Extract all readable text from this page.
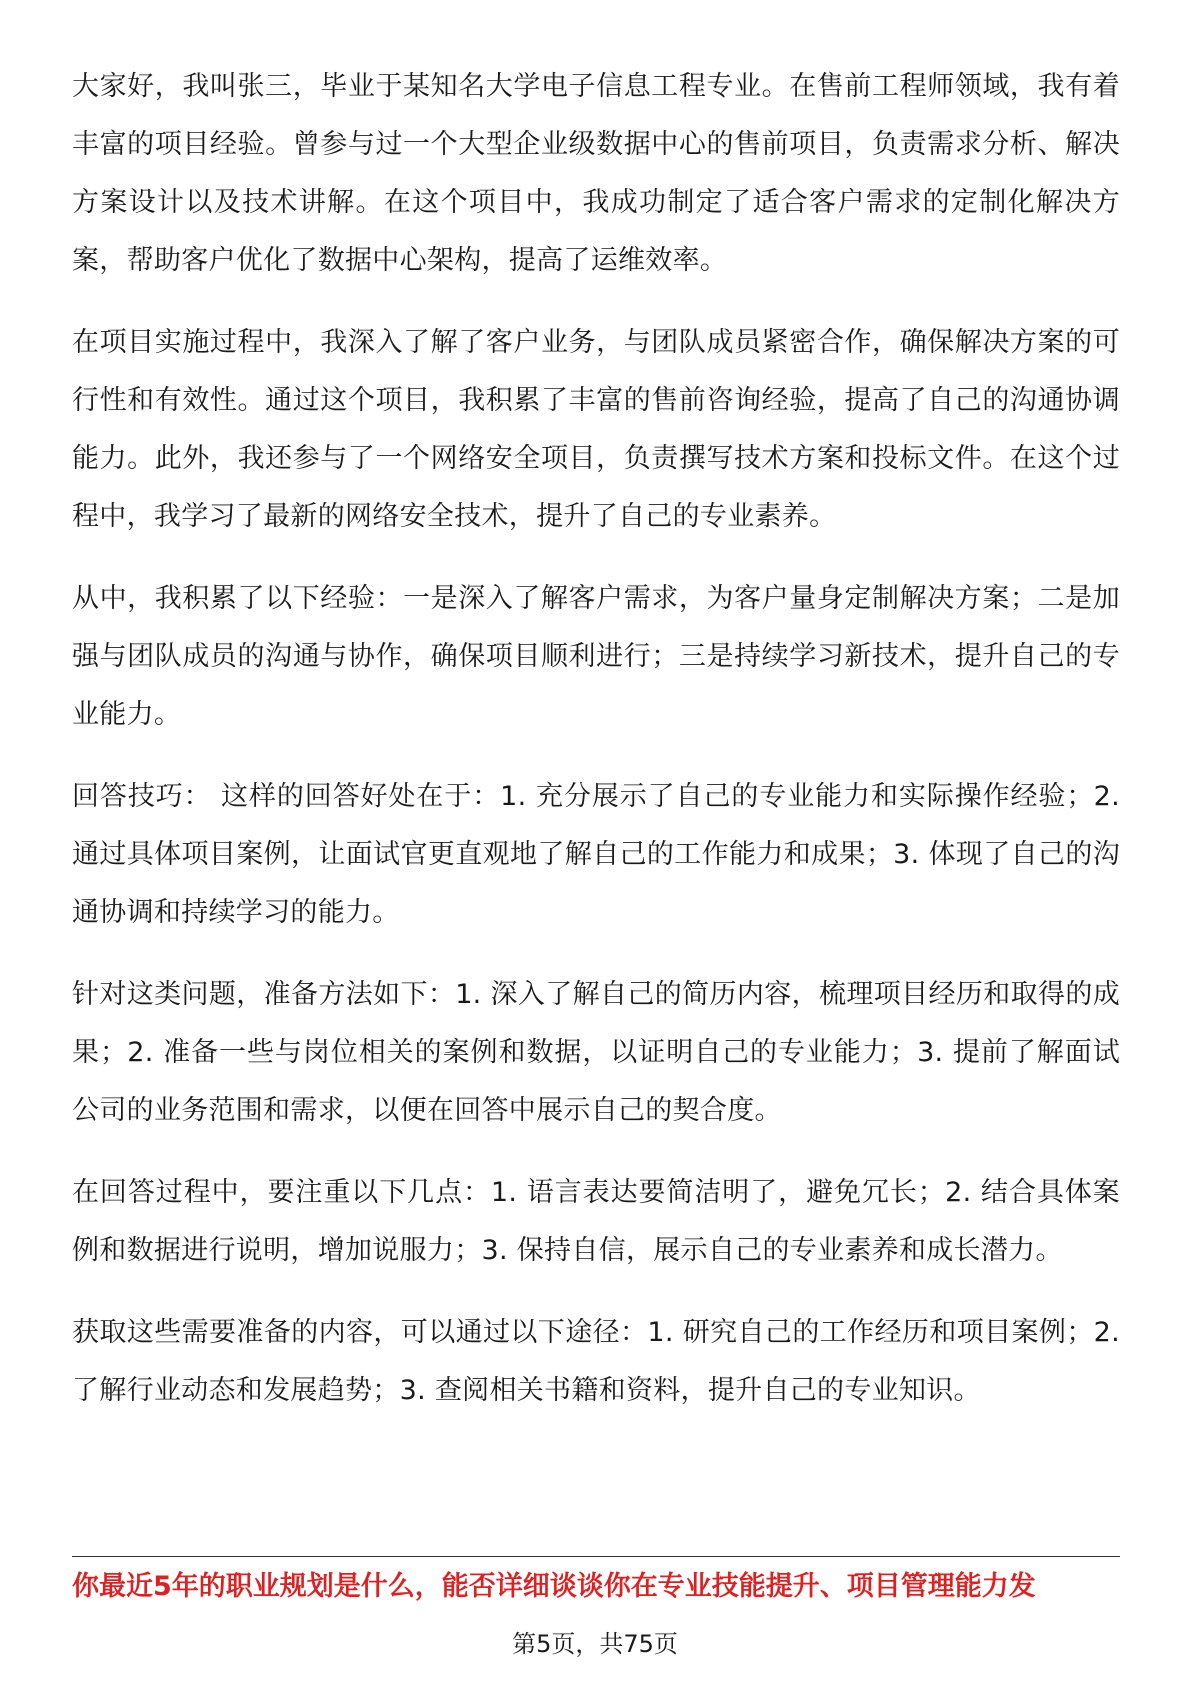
大家好，我叫张三，毕业于某知名大学电子信息工程专业。在售前工程师领域，我有着丰富的项目经验。曾参与过一个大型企业级数据中心的售前项目，负责需求分析、解决方案设计以及技术讲解。在这个项目中，我成功制定了适合客户需求的定制化解决方案，帮助客户优化了数据中心架构，提高了运维效率。

在项目实施过程中，我深入了解了客户业务，与团队成员紧密合作，确保解决方案的可行性和有效性。通过这个项目，我积累了丰富的售前咨询经验，提高了自己的沟通协调能力。此外，我还参与了一个网络安全项目，负责撰写技术方案和投标文件。在这个过程中，我学习了最新的网络安全技术，提升了自己的专业素养。

从中，我积累了以下经验：一是深入了解客户需求，为客户量身定制解决方案；二是加强与团队成员的沟通与协作，确保项目顺利进行；三是持续学习新技术，提升自己的专业能力。

回答技巧： 这样的回答好处在于：1. 充分展示了自己的专业能力和实际操作经验；2. 通过具体项目案例，让面试官更直观地了解自己的工作能力和成果；3. 体现了自己的沟通协调和持续学习的能力。

针对这类问题，准备方法如下：1. 深入了解自己的简历内容，梳理项目经历和取得的成果；2. 准备一些与岗位相关的案例和数据，以证明自己的专业能力；3. 提前了解面试公司的业务范围和需求，以便在回答中展示自己的契合度。

在回答过程中，要注重以下几点：1. 语言表达要简洁明了，避免冗长；2. 结合具体案例和数据进行说明，增加说服力；3. 保持自信，展示自己的专业素养和成长潜力。

获取这些需要准备的内容，可以通过以下途径：1. 研究自己的工作经历和项目案例；2. 了解行业动态和发展趋势；3. 查阅相关书籍和资料，提升自己的专业知识。

你最近5年的职业规划是什么，能否详细谈谈你在专业技能提升、项目管理能力发
第5页，共75页
